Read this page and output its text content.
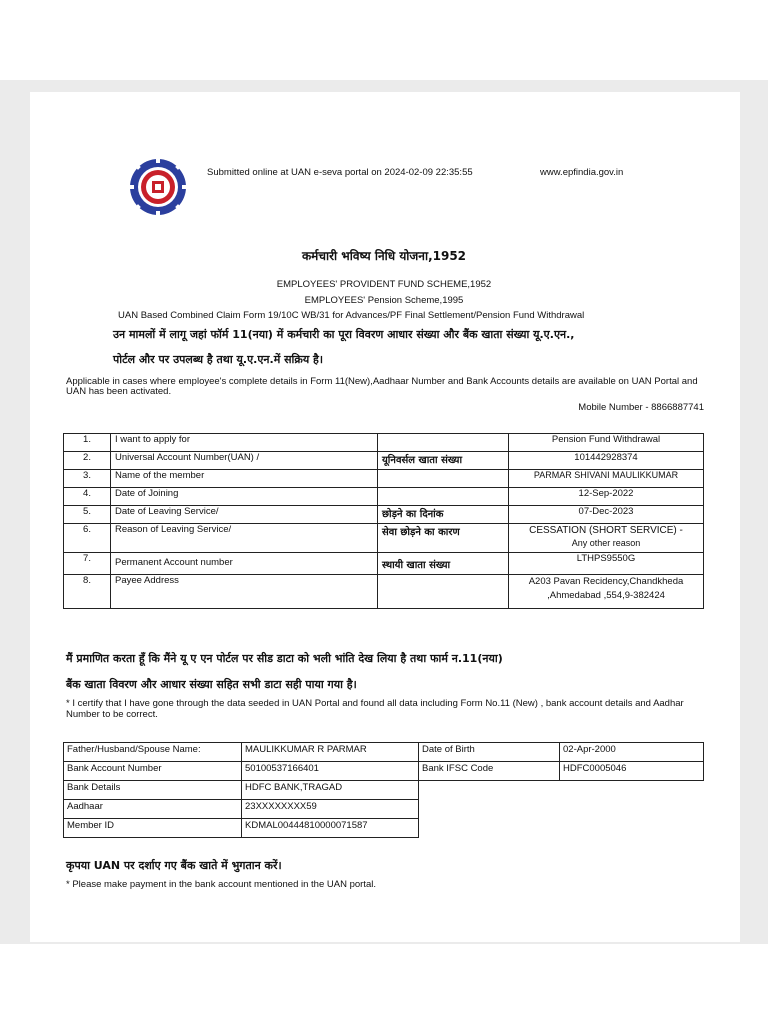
Submitted online at UAN e-seva portal on 2024-02-09 22:35:55	www.epfindia.gov.in
कर्मचारी भविष्य निधि योजना,1952
EMPLOYEES' PROVIDENT FUND SCHEME,1952
EMPLOYEES' Pension Scheme,1995
UAN Based Combined Claim Form 19/10C WB/31 for Advances/PF Final Settlement/Pension Fund Withdrawal
उन मामलों में लागू जहां फॉर्म 11(नया) में कर्मचारी का पूरा विवरण आधार संख्या और बैंक खाता संख्या यू.ए.एन.,
पोर्टल और पर उपलब्ध है तथा यू.ए.एन.में सक्रिय है।
Applicable in cases where employee's complete details in Form 11(New),Aadhaar Number and Bank Accounts details are available on UAN Portal and UAN has been activated.
Mobile Number - 8866887741
1.	I want to apply for		Pension Fund Withdrawal
2.	Universal Account Number(UAN) /	यूनिवर्सल खाता संख्या	101442928374
3.	Name of the member		PARMAR SHIVANI MAULIKKUMAR
4.	Date of Joining		12-Sep-2022
5.	Date of Leaving Service/	छोड़ने का दिनांक	07-Dec-2023
6.	Reason of Leaving Service/	सेवा छोड़ने का कारण	CESSATION (SHORT SERVICE) -
Any other reason

7.	Permanent Account number	स्थायी खाता संख्या	LTHPS9550G
8.	Payee Address		A203 Pavan Recidency,Chandkheda
,Ahmedabad ,554,9-382424
मैं प्रमाणित करता हूँ कि मैंने यू ए एन पोर्टल पर सीड डाटा को भली भांति देख लिया है तथा फार्म न.11(नया)
बैंक खाता विवरण और आधार संख्या सहित सभी डाटा सही पाया गया है।
* I certify that I have gone through the data seeded in UAN Portal and found all data including Form No.11 (New) , bank account details and Aadhar Number to be correct.
Father/Husband/Spouse Name:	MAULIKKUMAR R PARMAR	Date of Birth	02-Apr-2000
Bank Account Number	50100537166401	Bank IFSC Code	HDFC0005046
Bank Details	HDFC BANK,TRAGAD		
Aadhaar	23XXXXXXXX59		
Member ID	KDMAL00444810000071587		
कृपया UAN पर दर्शाए गए बैंक खाते में भुगतान करें।
* Please make payment in the bank account mentioned in the UAN portal.
